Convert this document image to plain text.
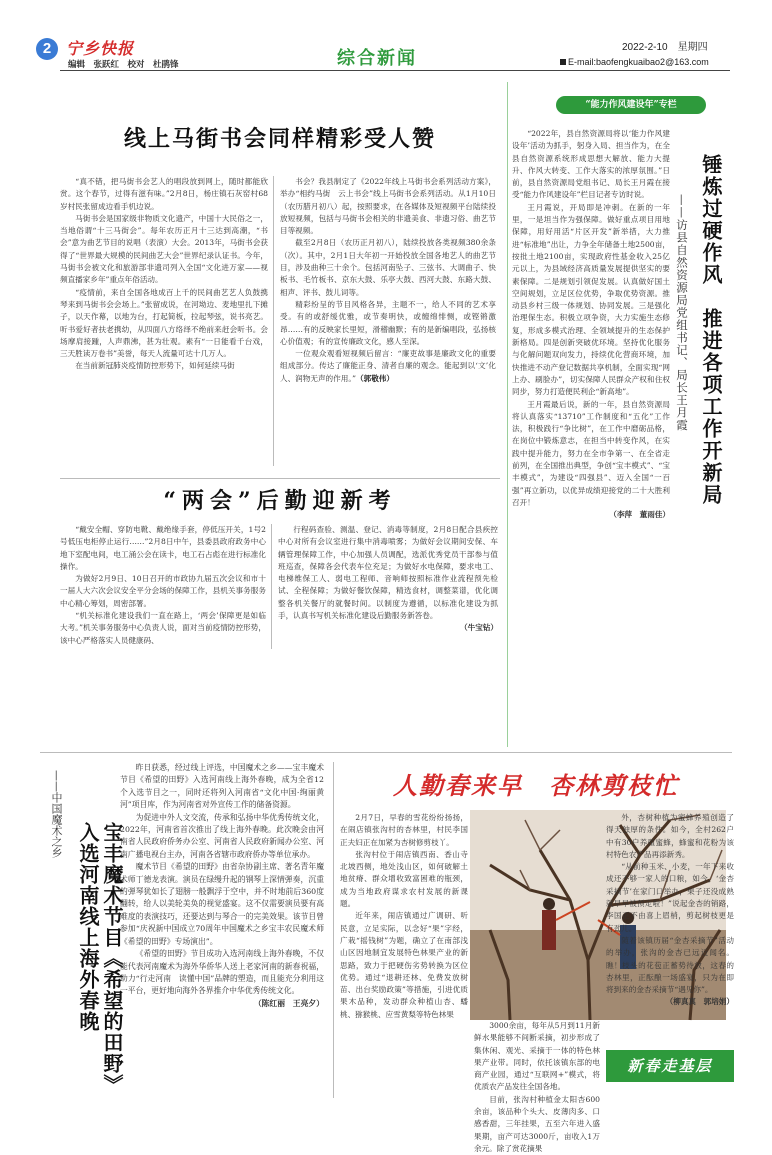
2 宁乡快报
编辑　张跃红　校对　杜鹃锋	综合新闻
2022-2-10　星期四
E-mail:baofengkuaibao2@163.com
线上马街书会同样精彩受人赞

“真不错，把马街书会艺人的唱段放到网上，随时都能欣赏。这个春节，过得有滋有味。”2月8日，杨庄镇石灰窑村68岁村民张留成边看手机边说。

马街书会是国家级非物质文化遗产，中国十大民俗之一，当地俗谓“十三马街会”。每年农历正月十三达到高潮，“书会”意为曲艺节目的说唱（表演）大会。2013年，马街书会获得了“世界最大规模的民间曲艺大会”世界纪录认证书。今年，马街书会被文化和旅游部非遗司列入全国“文化进万家——视频直播家乡年”重点年俗活动。

“疫情前，来自全国各地成百上千的民间曲艺艺人负鼓携琴来到马街书会会场上。”张留成说，在河坳边、麦地里扎下摊子，以天作幕，以地为台，打起简板，拉起琴弦，说书亮艺。听书爱好者扶老携幼，从四面八方络绎不绝前来赶会听书。会场摩肩接踵，人声鼎沸，甚为壮观。素有“一日能看千台戏，三天胜读万卷书”美誉，每天人流量可达十几万人。

在当前新冠肺炎疫情防控形势下，如何延续马街

书会？我县制定了《2022年线上马街书会系列活动方案》，举办“相约马街　云上书会”线上马街书会系列活动。从1月10日（农历腊月初八）起，按照要求，在各媒体及短视频平台陆续投放短视频，包括与马街书会相关的非遗美食、非遗习俗、曲艺节目等视频。

截至2月8日（农历正月初八），陆续投放各类视频380余条（次）。其中，2月1日大年初一开始投放全国各地艺人的曲艺节目，涉及曲种三十余个。包括河南坠子、三弦书、大调曲子、快板书、毛竹板书、京东大鼓、乐亭大鼓、西河大鼓、东路大鼓、相声、评书、鼓儿词等。

精彩纷呈的节目风格各异，主题不一，给人不同的艺术享受。有的或舒缓优雅，或节奏明快，或缠绵悱恻，或铿锵激昂……有的反映家长里短，滑稽幽默；有的是新编唱段，弘扬核心价值观；有的宣传廉政文化，感人至深。

一位观众观看短视频后留言：“廉吏故事是廉政文化的重要组成部分。传达了廉能正身、清者自廉的观念。能起到以‘文’化人、润物无声的作用。”（郭敬伟）

“能力作风建设年”专栏

“2022年，县自然资源局将以‘能力作风建设年’活动为抓手，躬身入局、担当作为，在全县自然资源系统形成思想大解放、能力大提升、作风大转变、工作大落实的浓厚氛围。”日前，县自然资源局党组书记、局长王月霞在接受“能力作风建设年”栏目记者专访时说。

王月霞说，开局即是冲刺。在新的一年里，一是坦当作为强保障。做好重点项目用地保障，用好用活“片区开发”新举措，大力推进“标准地”出让，力争全年储备土地2500亩，按批土地2100亩，实现政府性基金收入25亿元以上，为县域经济高质量发展提供坚实的要素保障。二是规划引领促发展。认真做好国土空间规划，立足区位优势，争取优势资源。推动县乡村三级一体规划、协同发展。三是强化治理保生态。积极立项争资，大力实施生态修复，形成多模式治理、全领域提升的生态保护新格局。四是创新突破优环境。坚持优化服务与化解问题双向发力，持续优化营商环境，加快推进不动产登记数据共享机制，全面实现“网上办、刷脸办”，切实保障人民群众产权和住权同步，努力打造便民利企“新高地”。

王月霞最后说，新的一年，县自然资源局将认真落实“13710”工作制度和“五化”工作法，积极践行“争比树”，在工作中磨砺品格，在岗位中锻炼意志，在担当中转变作风，在实践中提升能力，努力在全市争第一、在全省走前列，在全国推出典型，争创“宝丰模式”、“宝丰模式”，为建设“四强县”、迈入全国“一百强”再立新功，以优异成绩迎接党的二十大胜利召开！

（李萍　董雨佳）

锤炼过硬作风　推进各项工作开新局
——访县自然资源局党组书记、局长王月霞
“两会”后勤迎新考

“戴安全帽、穿防电靴、戴绝缘手套，停低压开关，1号2号低压电柜停止运行……”2月8日中午，县委县政府政务中心地下室配电间，电工涌公会在读卡，电工石占彪在进行标准化操作。

为做好2月9日、10日召开的市政协九届五次会议和市十一届人大六次会议安全平分会场的保障工作，县机关事务服务中心精心筹划，周密部署。

“机关标准化建设我们一直在路上，‘两会’保障更是如临大考。”机关事务服务中心负责人说，面对当前疫情防控形势，该中心严格落实人员健康码、

行程码查验、测温、登记、消毒等制度，2月8日配合县疾控中心对所有会议室进行集中消毒喷雾；为做好会议期间安保、车辆管理保障工作，中心加强人员调配，选派优秀党员干部参与值班巡查，保障各会代表车位充足；为做好水电保障，要求电工、电梯维保工人、弱电工程师、音响师按照标准作业流程预先检试、全程保障；为做好餐饮保障，精选食材，调整菜谱，优化调整各机关餐厅的就餐时间。以制度为遵循，以标准化建设为抓手，认真书写机关标准化建设后勤服务新答卷。

（牛宝钻）

宝丰魔术节目《希望的田野》入选河南线上海外春晚
——中国魔术之乡

昨日获悉，经过线上评选，中国魔术之乡——宝丰魔术节目《希望的田野》入选河南线上海外春晚，成为全省12个入选节目之一，同时还将列入河南省“文化中国·绚丽黄河”项目库，作为河南省对外宣传工作的储备资源。

为促进中外人文交流，传承和弘扬中华优秀传统文化，2022年，河南省首次推出了线上海外春晚。此次晚会由河南省人民政府侨务办公室、河南省人民政府新闻办公室、河南广播电视台主办，河南各省辖市政府侨办等单位承办。

魔术节目《希望的田野》由省杂协副主席、著名青年魔术师丁德龙表演。演员在绿缦升起的钢琴上深情弹奏，沉重的弹琴犹如长了翅膀一般飘浮于空中，并不时地前后360度翻转，给人以美轮美奂的视觉盛宴。这不仅需要演员要有高难度的表演技巧，还要达到与琴合一的完美效果。该节目曾参加“庆祝新中国成立70周年中国魔术之乡宝丰农民魔术师《希望的田野》专场演出”。

《希望的田野》节目成功入选河南线上海外春晚，不仅能代表河南魔术为海外华侨华人送上老家河南的新春祝福，助力“行走河南　读懂中国”品牌的塑造，而且能充分利用这一平台，更好地向海外各界推介中华优秀传统文化。

（陈红丽　王亮夕）

人勤春来早　杏林剪枝忙

2月7日，早春的雪花纷纷扬扬，在闹店镇张沟村的杏林里，村民李国正夫妇正在加紧为杏树修剪枝丫。

张沟村位于闹店镇西南、香山寺北坡西侧，地处浅山区，如何破解土地贫瘠、群众增收致富困难的瓶颈，成为当地政府谋求农村发展的新课题。

近年来，闹店镇通过广调研、听民意，立足实际，以念好“果”字经，广栽“摇钱树”为题，确立了在南部浅山区因地制宜发展特色林果产业的新思路，致力于把硬伤劣势转换为区位优势。通过“退耕还林、免费发放树苗、出台奖励政策”等措施，引进优质果木品种，发动群众种植山杏、蟠桃、猕猴桃、应雪黄梨等特色林果

3000余亩，每年从5月到11月新鲜水果能够不间断采摘，初步形成了集休闲、观光、采摘于一体的特色林果产业带。同时，依托该镇东部的电商产业园，通过“互联网+”模式，将优质农产品发往全国各地。

目前，张沟村种植金太阳杏600余亩，该品种个头大、皮薄肉多、口感香甜，三年挂果，五至六年进入盛果期，亩产可达3000斤，亩收入1万余元。除了赏花摘果

外，杏树种植为蜜蜂养殖创造了得天独厚的条件。如今，全村262户中有30户养殖蜜蜂，蜂蜜和花粉为该村特色农产品再添新秀。

“从前种玉米、小麦，一年下来收成还不够一家人的口粮，如今，‘金杏采摘节’在家门口举办，果子还没成熟就早早被预定啦！”说起金杏的销路，李国正不由喜上眉梢，剪起树枝更是有劲儿。

随着该镇历届“金杏采摘节”活动的举办，张沟的金杏已远近闻名。瞧！枝头的花苞正蓄势待放，这春的杏林里，正酝酿一场盛宴，只为在即将到来的金杏采摘节“遇见你”。

（柳真真　郭培娟）

新春走基层
